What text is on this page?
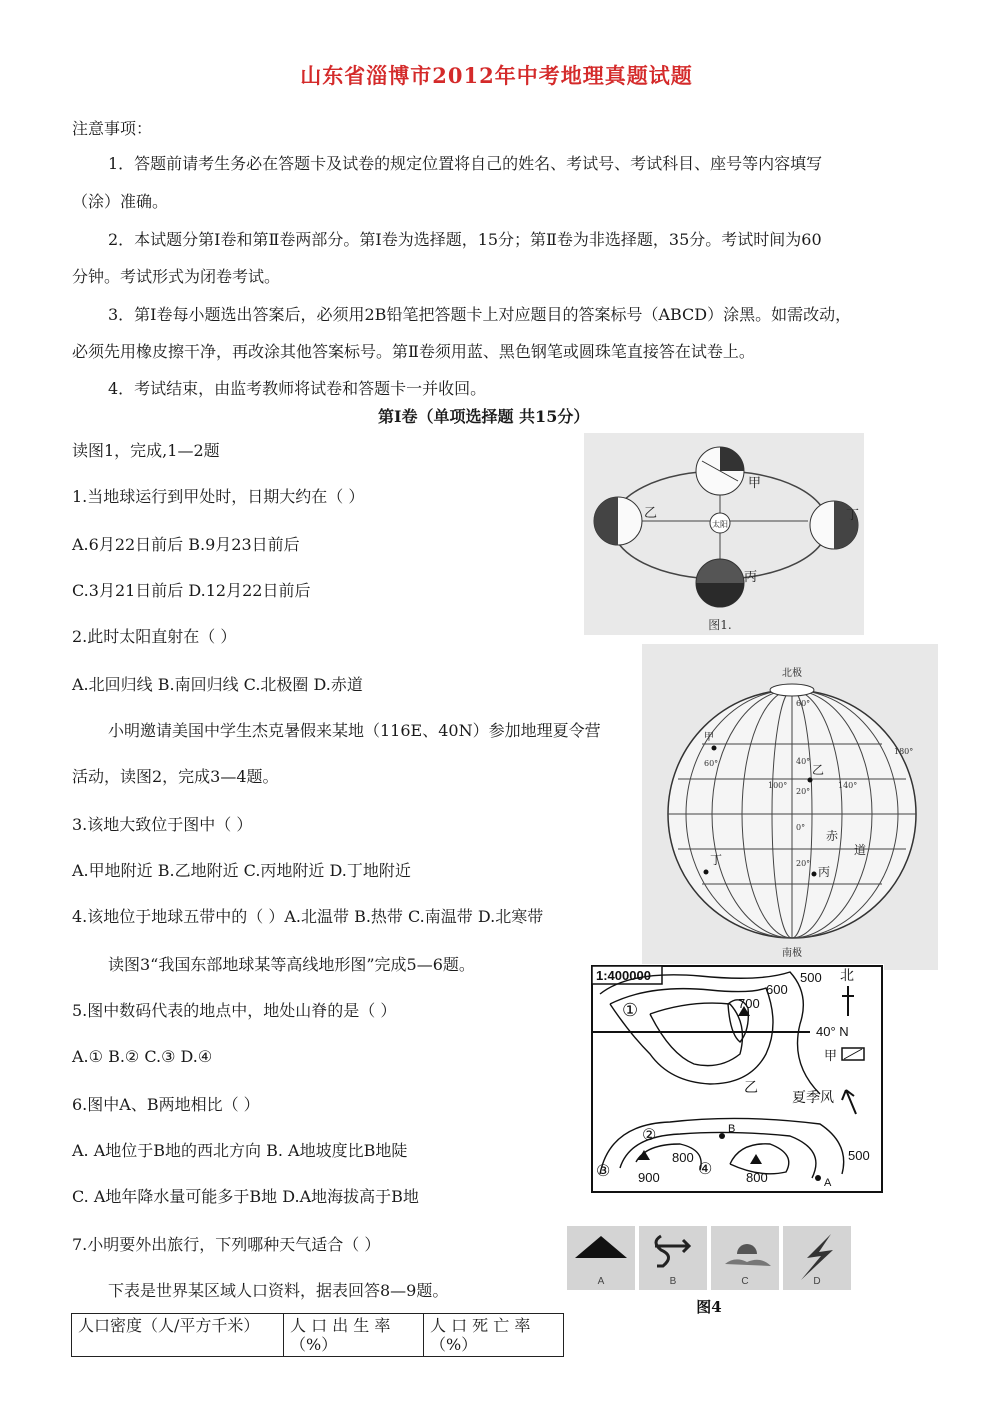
山东省淄博市2012年中考地理真题试题
注意事项：
1．答题前请考生务必在答题卡及试卷的规定位置将自己的姓名、考试号、考试科目、座号等内容填写
（涂）准确。
2．本试题分第Ⅰ卷和第Ⅱ卷两部分。第Ⅰ卷为选择题，15分；第Ⅱ卷为非选择题，35分。考试时间为60
分钟。考试形式为闭卷考试。
3．第Ⅰ卷每小题选出答案后，必须用2B铅笔把答题卡上对应题目的答案标号（ABCD）涂黑。如需改动，
必须先用橡皮擦干净，再改涂其他答案标号。第Ⅱ卷须用蓝、黑色钢笔或圆珠笔直接答在试卷上。
4．考试结束，由监考教师将试卷和答题卡一并收回。
第Ⅰ卷（单项选择题 共15分）
读图1，完成,1—2题
1.当地球运行到甲处时，日期大约在（ ）
A.6月22日前后 B.9月23日前后
C.3月21日前后 D.12月22日前后
2.此时太阳直射在（ ）
A.北回归线 B.南回归线 C.北极圈 D.赤道
小明邀请美国中学生杰克暑假来某地（116E、40N）参加地理夏令营
活动，读图2，完成3—4题。
3.该地大致位于图中（ ）
A.甲地附近 B.乙地附近 C.丙地附近 D.丁地附近
4.该地位于地球五带中的（ ）A.北温带 B.热带 C.南温带 D.北寒带
读图3“我国东部地球某等高线地形图”完成5—6题。
5.图中数码代表的地点中，地处山脊的是（ ）
A.① B.② C.③ D.④
6.图中A、B两地相比（ ）
A. A地位于B地的西北方向 B. A地坡度比B地陡
C. A地年降水量可能多于B地 D.A地海拔高于B地
7.小明要外出旅行，下列哪种天气适合（ ）
下表是世界某区域人口资料，据表回答8—9题。
人口密度（人/平方千米）	人 口 出 生 率（%）	人 口 死 亡 率（%）
太阳
甲
乙	丁
丙
图1.
北极
南极
甲
乙
丙
丁
赤
道
60°
40°
20°
0°
20°
100°	140°
180°
60°
1:400000
40° N
北
甲
500
600
700
800
900	800
500
①
②
③	④
B
A
乙
夏季风
A	B	C	D
图4
